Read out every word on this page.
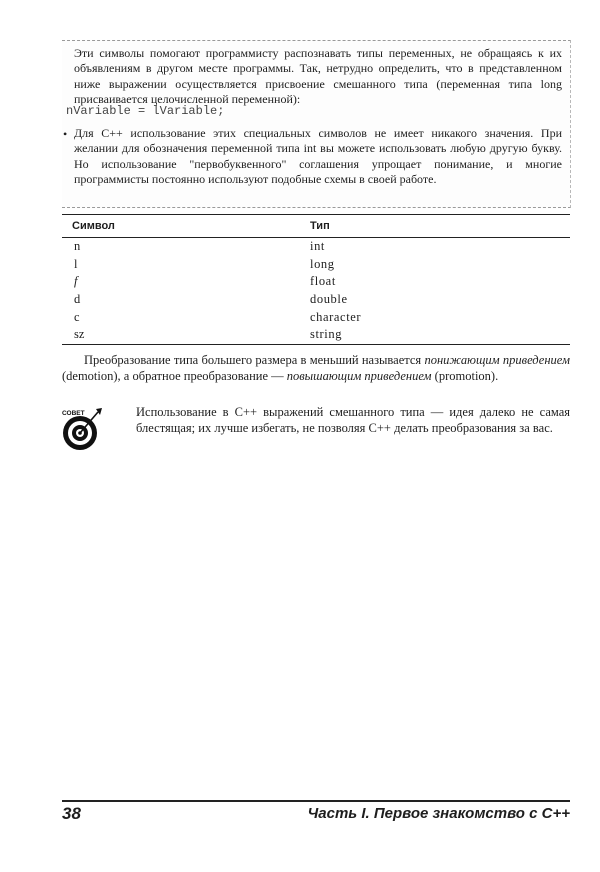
Эти символы помогают программисту распознавать типы переменных, не обращаясь к их объявлениям в другом месте программы. Так, нетрудно определить, что в представленном ниже выражении осуществляется присвоение смешанного типа (переменная типа long присваивается целочисленной переменной):

nVariable = lVariable;
• Для С++ использование этих специальных символов не имеет никакого значения. При желании для обозначения переменной типа int вы можете использовать любую другую букву. Но использование "первобуквенного" соглашения упрощает понимание, и многие программисты постоянно используют подобные схемы в своей работе.

Символ	Тип
n	int
l	long
f	float
d	double
c	character
sz	string

Преобразование типа большего размера в меньший называется понижающим приведением (demotion), а обратное преобразование — повышающим приведением (promotion).

СОВЕТ	Использование в С++ выражений смешанного типа — идея далеко не самая блестящая; их лучше избегать, не позволяя С++ делать преобразования за вас.

38	Часть I. Первое знакомство с С++
